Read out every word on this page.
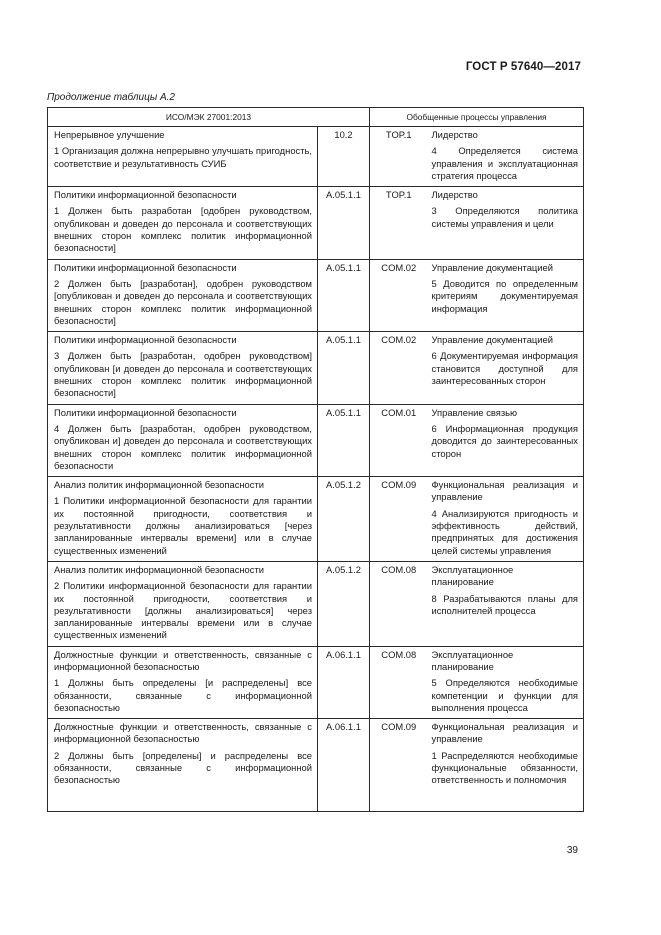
ГОСТ Р 57640—2017
Продолжение таблицы А.2
ИСО/МЭК 27001:2013		Обобщенные процессы управления	

Непрерывное улучшение
1 Организация должна непрерывно улучшать пригодность, соответствие и результативность СУИБ	10.2	TOP.1	Лидерство
4 Определяется система управления и эксплуатационная стратегия процесса

Политики информационной безопасности
1 Должен быть разработан [одобрен руководством, опубликован и доведен до персонала и соответствующих внешних сторон комплекс политик информационной безопасности]	A.05.1.1	TOP.1	Лидерство
3 Определяются политика системы управления и цели

Политики информационной безопасности
2 Должен быть [разработан], одобрен руководством [опубликован и доведен до персонала и соответствующих внешних сторон комплекс политик информационной безопасности]	A.05.1.1	COM.02	Управление документацией
5 Доводится по определенным критериям документируемая информация

Политики информационной безопасности
3 Должен быть [разработан, одобрен руководством] опубликован [и доведен до персонала и соответствующих внешних сторон комплекс политик информационной безопасности]	A.05.1.1	COM.02	Управление документацией
6 Документируемая информация становится доступной для заинтересованных сторон

Политики информационной безопасности
4 Должен быть [разработан, одобрен руководством, опубликован и] доведен до персонала и соответствующих внешних сторон комплекс политик информационной безопасности	A.05.1.1	COM.01	Управление связью
6 Информационная продукция доводится до заинтересованных сторон

Анализ политик информационной безопасности
1 Политики информационной безопасности для гарантии их постоянной пригодности, соответствия и результативности должны анализироваться [через запланированные интервалы времени] или в случае существенных изменений	A.05.1.2	COM.09	Функциональная реализация и управление
4 Анализируются пригодность и эффективность действий, предпринятых для достижения целей системы управления

Анализ политик информационной безопасности
2 Политики информационной безопасности для гарантии их постоянной пригодности, соответствия и результативности [должны анализироваться] через запланированные интервалы времени или в случае существенных изменений	A.05.1.2	COM.08	Эксплуатационное планирование
8 Разрабатываются планы для исполнителей процесса

Должностные функции и ответственность, связанные с информационной безопасностью
1 Должны быть определены [и распределены] все обязанности, связанные с информационной безопасностью	A.06.1.1	COM.08	Эксплуатационное планирование
5 Определяются необходимые компетенции и функции для выполнения процесса

Должностные функции и ответственность, связанные с информационной безопасностью
2 Должны быть [определены] и распределены все обязанности, связанные с информационной безопасностью	A.06.1.1	COM.09	Функциональная реализация и управление
1 Распределяются необходимые функциональные обязанности, ответственность и полномочия
39
